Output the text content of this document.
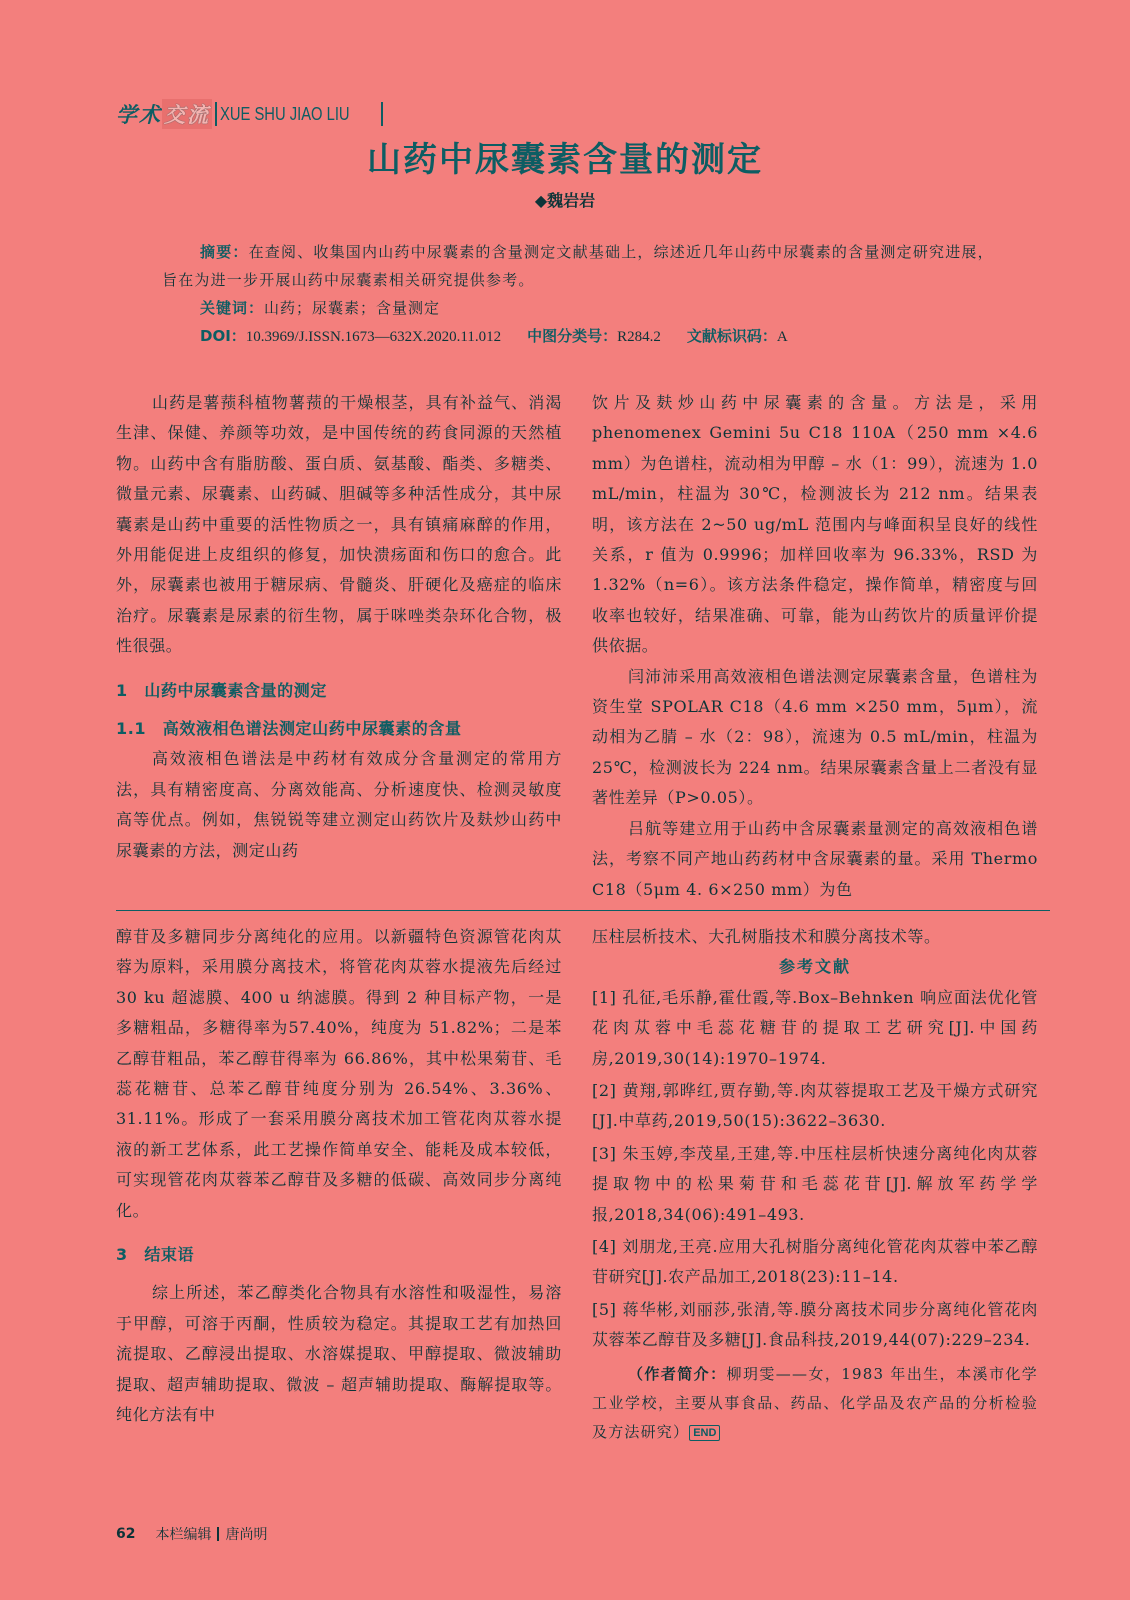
学术 交流 XUE SHU JIAO LIU
山药中尿囊素含量的测定
◆魏岩岩

摘要：在查阅、收集国内山药中尿囊素的含量测定文献基础上，综述近几年山药中尿囊素的含量测定研究进展，旨在为进一步开展山药中尿囊素相关研究提供参考。

关键词：山药；尿囊素；含量测定

DOI：10.3969/J.ISSN.1673—632X.2020.11.012 中图分类号：R284.2 文献标识码：A

山药是薯蓣科植物薯蓣的干燥根茎，具有补益气、消渴生津、保健、养颜等功效，是中国传统的药食同源的天然植物。山药中含有脂肪酸、蛋白质、氨基酸、酯类、多糖类、微量元素、尿囊素、山药碱、胆碱等多种活性成分，其中尿囊素是山药中重要的活性物质之一，具有镇痛麻醉的作用，外用能促进上皮组织的修复，加快溃疡面和伤口的愈合。此外，尿囊素也被用于糖尿病、骨髓炎、肝硬化及癌症的临床治疗。尿囊素是尿素的衍生物，属于咪唑类杂环化合物，极性很强。

1　山药中尿囊素含量的测定

1.1　高效液相色谱法测定山药中尿囊素的含量

高效液相色谱法是中药材有效成分含量测定的常用方法，具有精密度高、分离效能高、分析速度快、检测灵敏度高等优点。例如，焦锐锐等建立测定山药饮片及麸炒山药中尿囊素的方法，测定山药

饮片及麸炒山药中尿囊素的含量。方法是，采用phenomenex Gemini 5u C18 110A（250 mm ×4.6 mm）为色谱柱，流动相为甲醇 – 水（1：99），流速为 1.0 mL/min，柱温为 30℃，检测波长为 212 nm。结果表明，该方法在 2~50 ug/mL 范围内与峰面积呈良好的线性关系，r 值为 0.9996；加样回收率为 96.33%，RSD 为 1.32%（n=6）。该方法条件稳定，操作简单，精密度与回收率也较好，结果准确、可靠，能为山药饮片的质量评价提供依据。

闫沛沛采用高效液相色谱法测定尿囊素含量，色谱柱为资生堂 SPOLAR C18（4.6 mm ×250 mm，5μm），流动相为乙腈 – 水（2：98），流速为 0.5 mL/min，柱温为 25℃，检测波长为 224 nm。结果尿囊素含量上二者没有显著性差异（P>0.05）。

吕航等建立用于山药中含尿囊素量测定的高效液相色谱法，考察不同产地山药药材中含尿囊素的量。采用 Thermo C18（5μm 4. 6×250 mm）为色

醇苷及多糖同步分离纯化的应用。以新疆特色资源管花肉苁蓉为原料，采用膜分离技术，将管花肉苁蓉水提液先后经过 30 ku 超滤膜、400 u 纳滤膜。得到 2 种目标产物，一是多糖粗品，多糖得率为57.40%，纯度为 51.82%；二是苯乙醇苷粗品，苯乙醇苷得率为 66.86%，其中松果菊苷、毛蕊花糖苷、总苯乙醇苷纯度分别为 26.54%、3.36%、31.11%。形成了一套采用膜分离技术加工管花肉苁蓉水提液的新工艺体系，此工艺操作简单安全、能耗及成本较低，可实现管花肉苁蓉苯乙醇苷及多糖的低碳、高效同步分离纯化。

3　结束语

综上所述，苯乙醇类化合物具有水溶性和吸湿性，易溶于甲醇，可溶于丙酮，性质较为稳定。其提取工艺有加热回流提取、乙醇浸出提取、水溶媒提取、甲醇提取、微波辅助提取、超声辅助提取、微波 – 超声辅助提取、酶解提取等。纯化方法有中

压柱层析技术、大孔树脂技术和膜分离技术等。

参考文献

[1] 孔征,毛乐静,霍仕霞,等.Box–Behnken 响应面法优化管花肉苁蓉中毛蕊花糖苷的提取工艺研究[J].中国药房,2019,30(14):1970–1974.

[2] 黄翔,郭晔红,贾存勤,等.肉苁蓉提取工艺及干燥方式研究[J].中草药,2019,50(15):3622–3630.

[3] 朱玉婷,李茂星,王建,等.中压柱层析快速分离纯化肉苁蓉提取物中的松果菊苷和毛蕊花苷[J].解放军药学学报,2018,34(06):491–493.

[4] 刘朋龙,王亮.应用大孔树脂分离纯化管花肉苁蓉中苯乙醇苷研究[J].农产品加工,2018(23):11–14.

[5] 蒋华彬,刘丽莎,张清,等.膜分离技术同步分离纯化管花肉苁蓉苯乙醇苷及多糖[J].食品科技,2019,44(07):229–234.

（作者简介：柳玥雯——女，1983 年出生，本溪市化学工业学校，主要从事食品、药品、化学品及农产品的分析检验及方法研究） END

62 本栏编辑 唐尚明
